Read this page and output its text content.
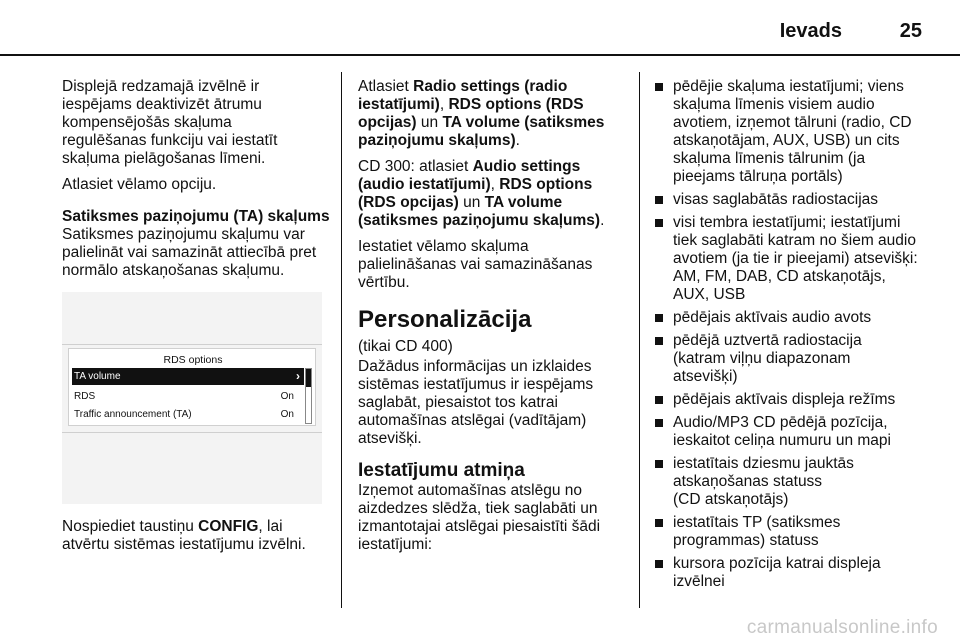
Ievads	25
Displejā redzamajā izvēlnē ir
iespējams deaktivizēt ātrumu
kompensējošās skaļuma
regulēšanas funkciju vai iestatīt
skaļuma pielāgošanas līmeni.
Atlasiet vēlamo opciju.
Satiksmes paziņojumu (TA) skaļums
Satiksmes paziņojumu skaļumu var
palielināt vai samazināt attiecībā pret
normālo atskaņošanas skaļumu.
RDS options
TA volume	›
RDS	On
Traffic announcement (TA)	On
Nospiediet taustiņu CONFIG, lai
atvērtu sistēmas iestatījumu izvēlni.
Atlasiet Radio settings (radio iestatījumi), RDS options (RDS opcijas) un TA volume (satiksmes paziņojumu skaļums).
CD 300: atlasiet Audio settings (audio iestatījumi), RDS options (RDS opcijas) un TA volume (satiksmes paziņojumu skaļums).
Iestatiet vēlamo skaļuma
palielināšanas vai samazināšanas
vērtību.
Personalizācija
(tikai CD 400)
Dažādus informācijas un izklaides
sistēmas iestatījumus ir iespējams
saglabāt, piesaistot tos katrai
automašīnas atslēgai (vadītājam)
atsevišķi.
Iestatījumu atmiņa
Izņemot automašīnas atslēgu no
aizdedzes slēdža, tiek saglabāti un
izmantotajai atslēgai piesaistīti šādi
iestatījumi:
pēdējie skaļuma iestatījumi; viens
skaļuma līmenis visiem audio
avotiem, izņemot tālruni (radio, CD
atskaņotājam, AUX, USB) un cits
skaļuma līmenis tālrunim (ja
pieejams tālruņa portāls)
visas saglabātās radiostacijas
visi tembra iestatījumi; iestatījumi
tiek saglabāti katram no šiem audio
avotiem (ja tie ir pieejami) atsevišķi:
AM, FM, DAB, CD atskaņotājs,
AUX, USB
pēdējais aktīvais audio avots
pēdējā uztvertā radiostacija
(katram viļņu diapazonam
atsevišķi)
pēdējais aktīvais displeja režīms
Audio/MP3 CD pēdējā pozīcija,
ieskaitot celiņa numuru un mapi
iestatītais dziesmu jauktās
atskaņošanas statuss
(CD atskaņotājs)
iestatītais TP (satiksmes
programmas) statuss
kursora pozīcija katrai displeja
izvēlnei
carmanualsonline.info
